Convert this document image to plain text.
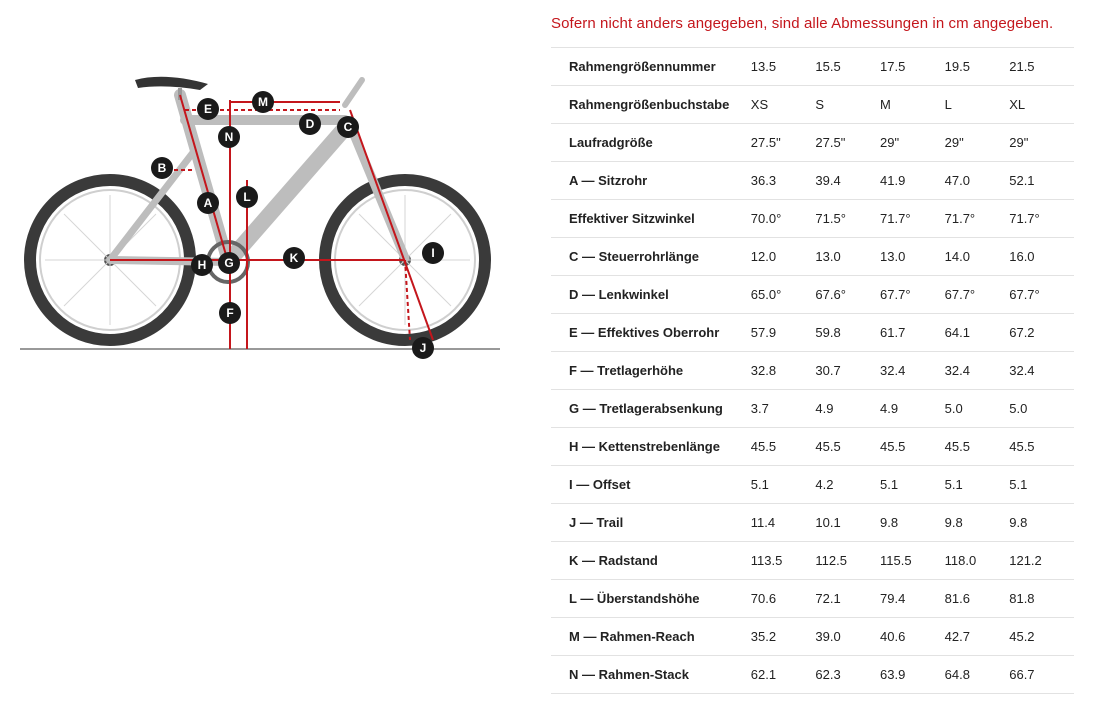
Sofern nicht anders angegeben, sind alle Abmessungen in cm angegeben.
A
B
C
D
E
F
G
H
I
J
K
L
M
N
Rahmengrößennummer	13.5	15.5	17.5	19.5	21.5
Rahmengrößenbuchstabe	XS	S	M	L	XL
Laufradgröße	27.5"	27.5"	29"	29"	29"
A — Sitzrohr	36.3	39.4	41.9	47.0	52.1
Effektiver Sitzwinkel	70.0°	71.5°	71.7°	71.7°	71.7°
C — Steuerrohrlänge	12.0	13.0	13.0	14.0	16.0
D — Lenkwinkel	65.0°	67.6°	67.7°	67.7°	67.7°
E — Effektives Oberrohr	57.9	59.8	61.7	64.1	67.2
F — Tretlagerhöhe	32.8	30.7	32.4	32.4	32.4
G — Tretlagerabsenkung	3.7	4.9	4.9	5.0	5.0
H — Kettenstrebenlänge	45.5	45.5	45.5	45.5	45.5
I — Offset	5.1	4.2	5.1	5.1	5.1
J — Trail	11.4	10.1	9.8	9.8	9.8
K — Radstand	113.5	112.5	115.5	118.0	121.2
L — Überstandshöhe	70.6	72.1	79.4	81.6	81.8
M — Rahmen-Reach	35.2	39.0	40.6	42.7	45.2
N — Rahmen-Stack	62.1	62.3	63.9	64.8	66.7
